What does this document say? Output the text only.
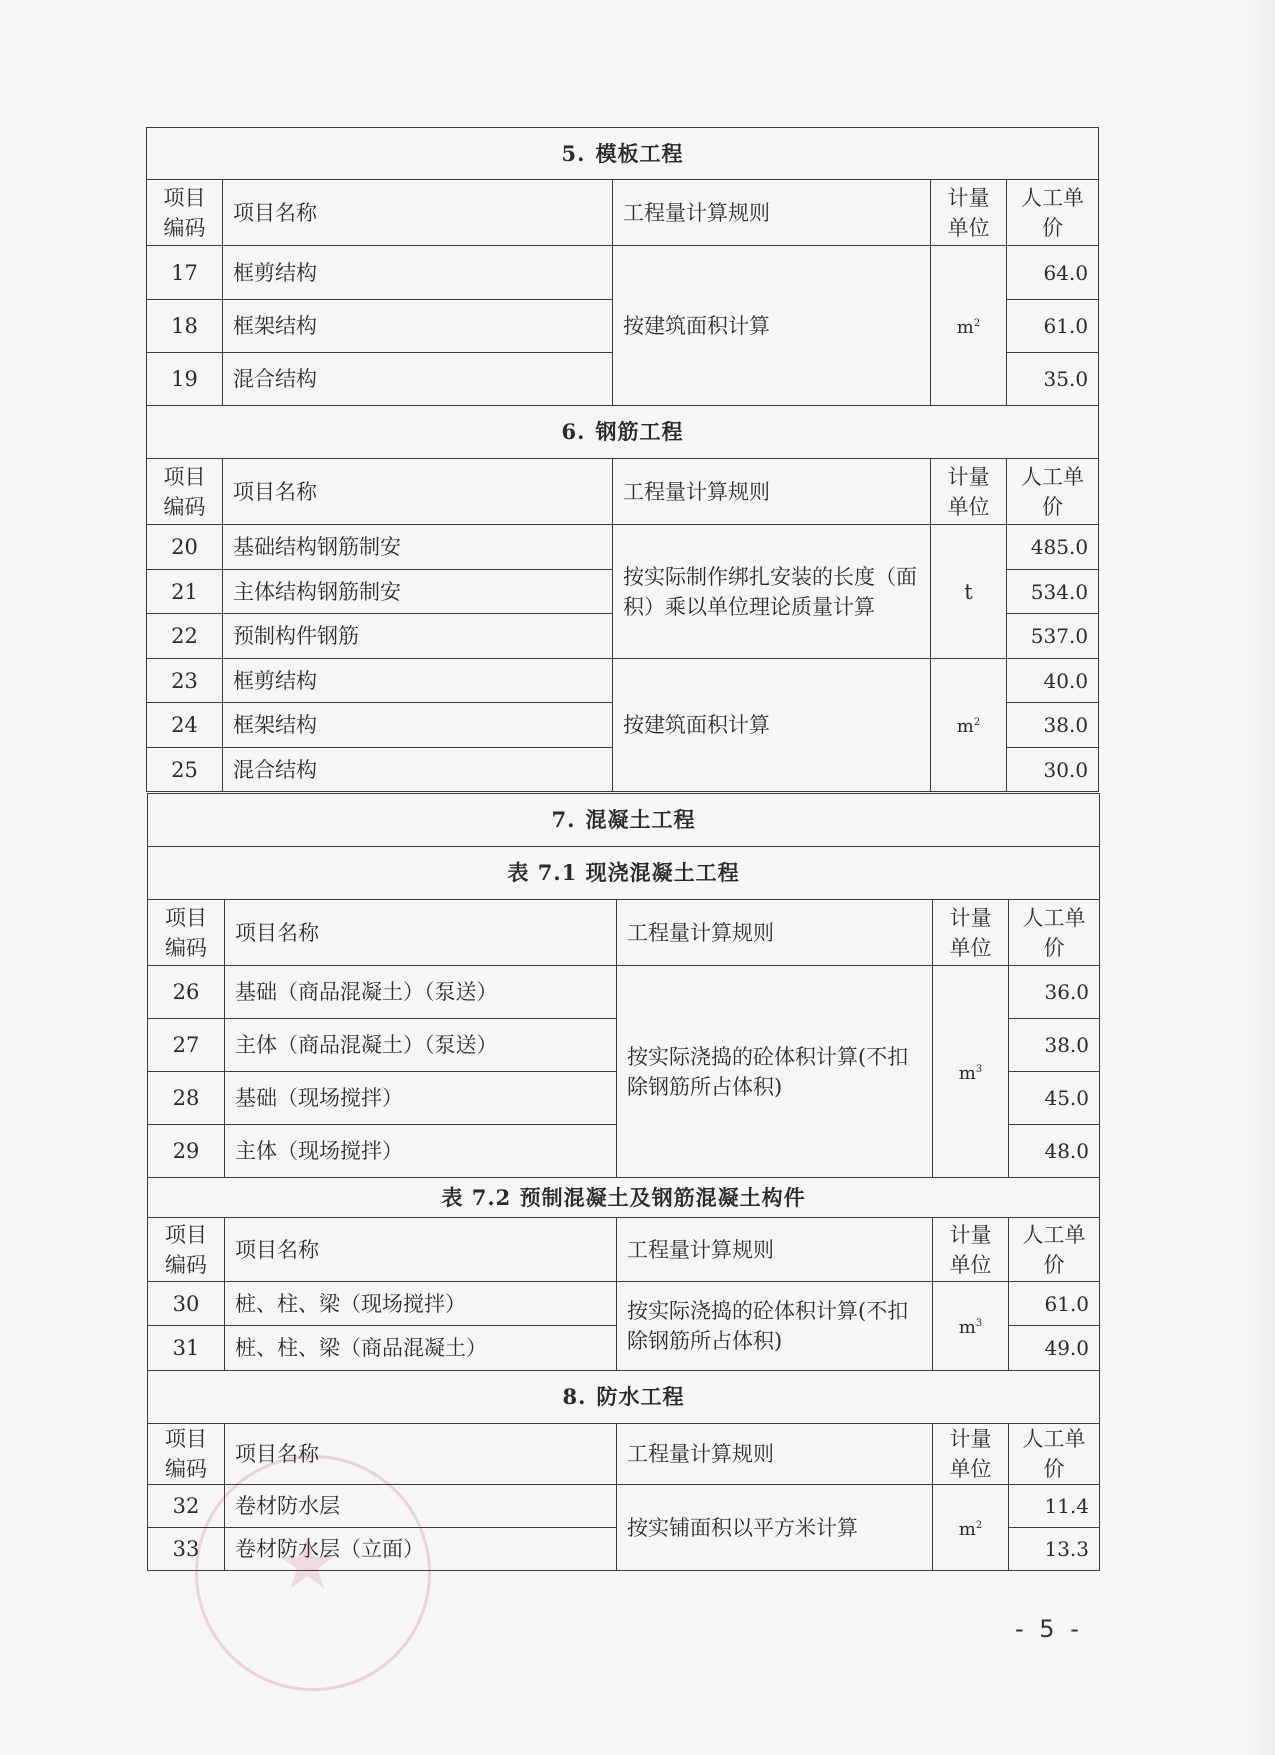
★
5. 模板工程				
项目编码	项目名称	工程量计算规则	计量单位	人工单价
17	框剪结构	按建筑面积计算	$m^2$	64.0
18	框架结构			61.0
19	混合结构			35.0
6. 钢筋工程				
项目编码	项目名称	工程量计算规则	计量单位	人工单价
20	基础结构钢筋制安	按实际制作绑扎安装的长度（面积）乘以单位理论质量计算	t	485.0
21	主体结构钢筋制安			534.0
22	预制构件钢筋			537.0
23	框剪结构	按建筑面积计算	$m^2$	40.0
24	框架结构			38.0
25	混合结构			30.0
7. 混凝土工程				
表 7.1 现浇混凝土工程				
项目编码	项目名称	工程量计算规则	计量单位	人工单价
26	基础（商品混凝土）（泵送）	按实际浇捣的砼体积计算(不扣除钢筋所占体积)	$m^3$	36.0
27	主体（商品混凝土）（泵送）			38.0
28	基础（现场搅拌）			45.0
29	主体（现场搅拌）			48.0
表 7.2 预制混凝土及钢筋混凝土构件				
项目编码	项目名称	工程量计算规则	计量单位	人工单价
30	桩、柱、梁（现场搅拌）	按实际浇捣的砼体积计算(不扣除钢筋所占体积)	$m^3$	61.0
31	桩、柱、梁（商品混凝土）			49.0
8. 防水工程				
项目编码	项目名称	工程量计算规则	计量单位	人工单价
32	卷材防水层	按实铺面积以平方米计算	$m^2$	11.4
33	卷材防水层（立面）			13.3
- 5 -
